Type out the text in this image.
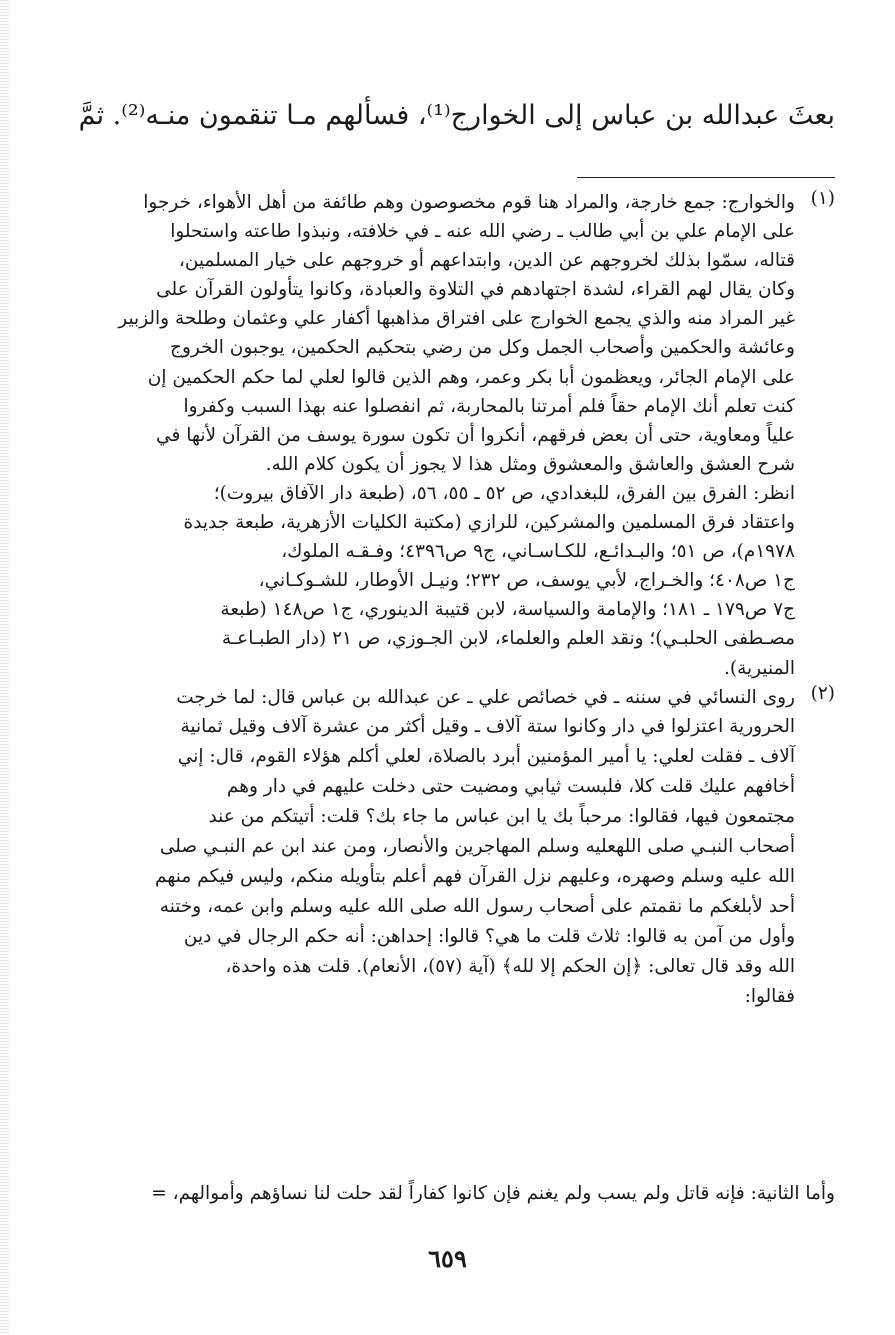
بعثَ عبدالله بن عباس إلى الخوارج⁽¹⁾، فسألهم مـا تنقمون منـه⁽²⁾. ثمَّ
(١)
والخوارج: جمع خارجة، والمراد هنا قوم مخصوصون وهم طائفة من أهل الأهواء، خرجوا
على الإمام علي بن أبي طالب ـ رضي الله عنه ـ في خلافته، ونبذوا طاعته واستحلوا
قتاله، سمّوا بذلك لخروجهم عن الدين، وابتداعهم أو خروجهم على خيار المسلمين،
وكان يقال لهم القراء، لشدة اجتهادهم في التلاوة والعبادة، وكانوا يتأولون القرآن على
غير المراد منه والذي يجمع الخوارج على افتراق مذاهبها أكفار علي وعثمان وطلحة والزبير
وعائشة والحكمين وأصحاب الجمل وكل من رضي بتحكيم الحكمين، يوجبون الخروج
على الإمام الجائر، ويعظمون أبا بكر وعمر، وهم الذين قالوا لعلي لما حكم الحكمين إن
كنت تعلم أنك الإمام حقاً فلم أمرتنا بالمحاربة، ثم انفصلوا عنه بهذا السبب وكفروا
علياً ومعاوية، حتى أن بعض فرقهم، أنكروا أن تكون سورة يوسف من القرآن لأنها في
شرح العشق والعاشق والمعشوق ومثل هذا لا يجوز أن يكون كلام الله.
انظر: الفرق بين الفرق، للبغدادي، ص ٥٢ ـ ٥٥، ٥٦، (طبعة دار الآفاق بيروت)؛
واعتقاد فرق المسلمين والمشركين، للرازي (مكتبة الكليات الأزهرية، طبعة جديدة
١٩٧٨م)، ص ٥١؛ والبـدائـع، للكـاسـاني، ج٩ ص٤٣٩٦؛ وفـقـه الملوك،
ج١ ص٤٠٨؛ والخـراج، لأبي يوسف، ص ٢٣٢؛ ونيـل الأوطار، للشـوكـاني،
ج٧ ص١٧٩ ـ ١٨١؛ والإمامة والسياسة، لابن قتيبة الدينوري، ج١ ص١٤٨ (طبعة
مصـطفى الحلبـي)؛ ونقد العلم والعلماء، لابن الجـوزي، ص ٢١ (دار الطبـاعـة
المنيرية).
(٢)
روى النسائي في سننه ـ في خصائص علي ـ عن عبدالله بن عباس قال: لما خرجت
الحرورية اعتزلوا في دار وكانوا ستة آلاف ـ وقيل أكثر من عشرة آلاف وقيل ثمانية
آلاف ـ فقلت لعلي: يا أمير المؤمنين أبرد بالصلاة، لعلي أكلم هؤلاء القوم، قال: إني
أخافهم عليك قلت كلا، فلبست ثيابي ومضيت حتى دخلت عليهم في دار وهم
مجتمعون فيها، فقالوا: مرحباً بك يا ابن عباس ما جاء بك؟ قلت: أتيتكم من عند
أصحاب النبـي صلى اللهعليه وسلم المهاجرين والأنصار، ومن عند ابن عم النبـي صلى
الله عليه وسلم وصهره، وعليهم نزل القرآن فهم أعلم بتأويله منكم، وليس فيكم منهم
أحد لأبلغكم ما نقمتم على أصحاب رسول الله صلى الله عليه وسلم وابن عمه، وختنه
وأول من آمن به قالوا: ثلاث قلت ما هي؟ قالوا: إحداهن: أنه حكم الرجال في دين
الله وقد قال تعالى: ﴿إن الحكم إلا لله﴾ (آية (٥٧)، الأنعام). قلت هذه واحدة،
فقالوا:
وأما الثانية: فإنه قاتل ولم يسب ولم يغنم فإن كانوا كفاراً لقد حلت لنا نساؤهم وأموالهم، =
٦٥٩
